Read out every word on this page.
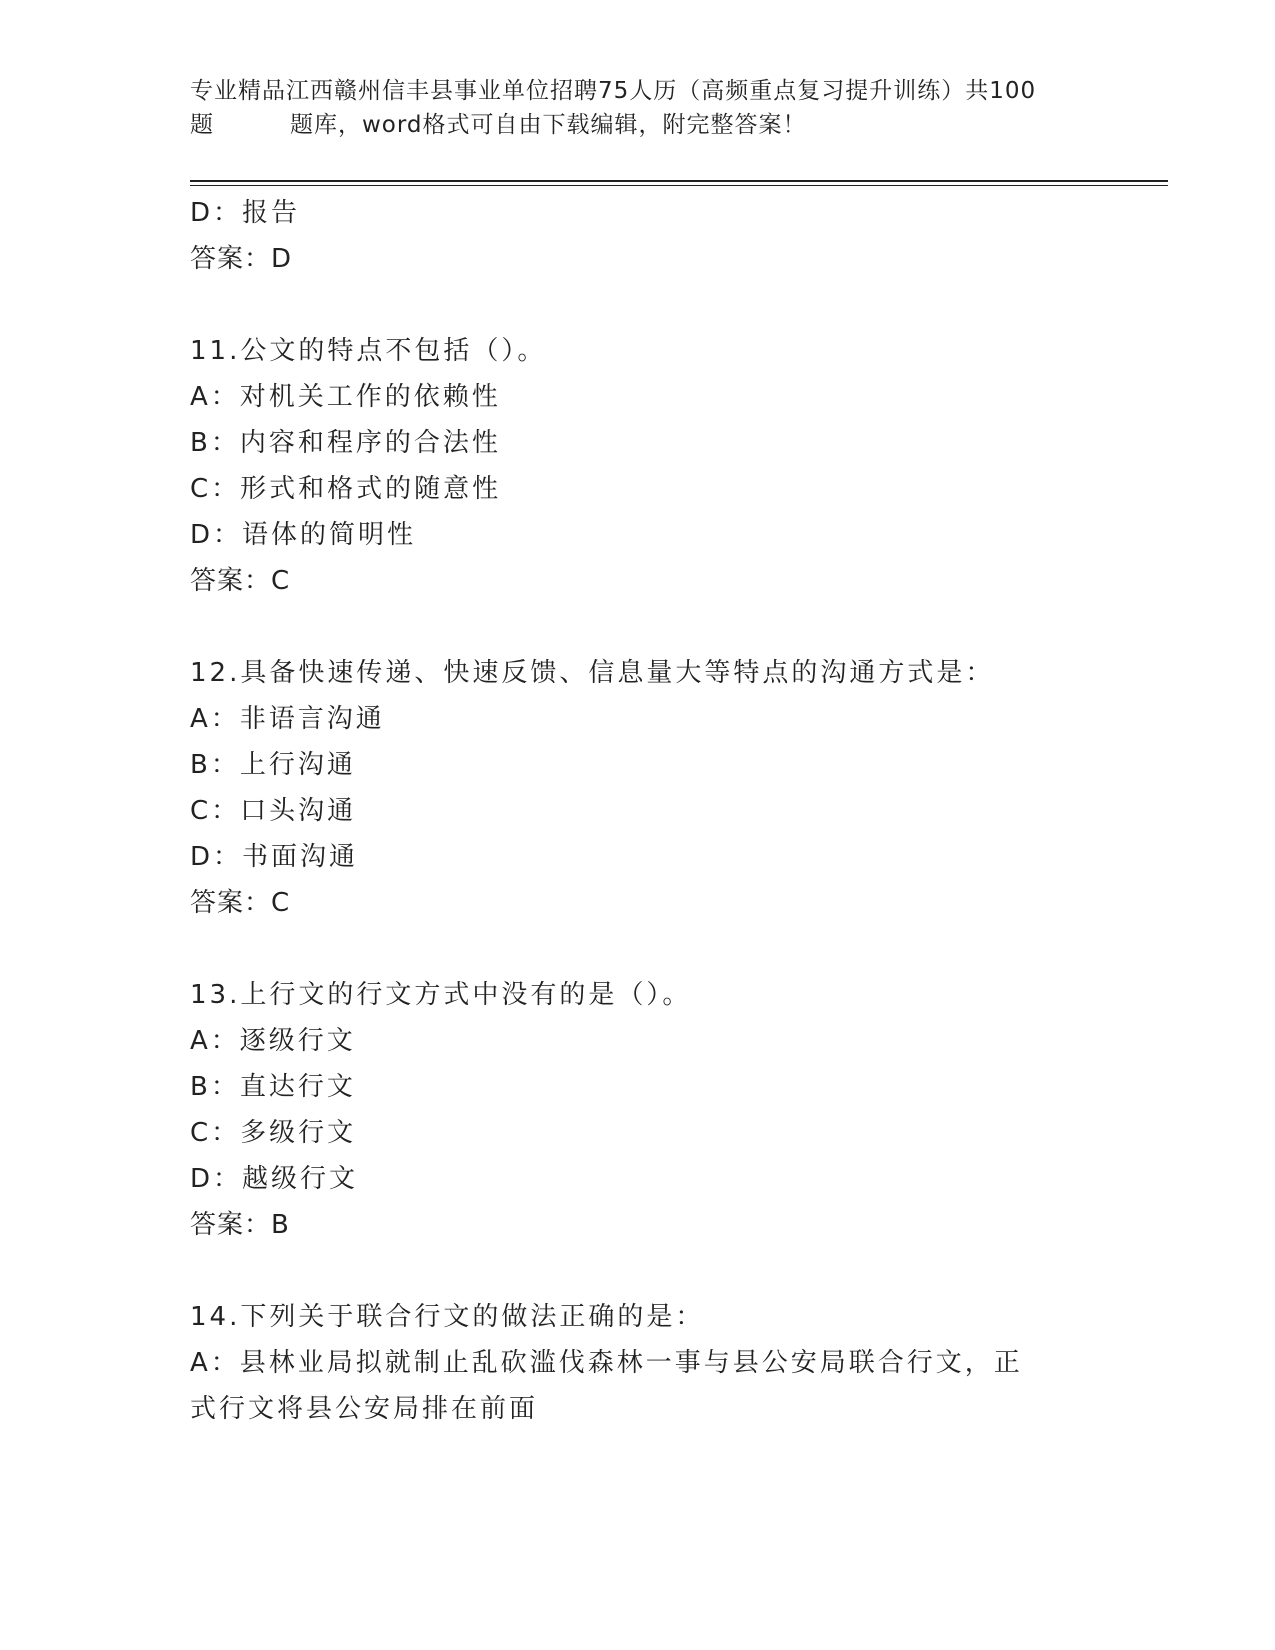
专业精品江西赣州信丰县事业单位招聘75人历（高频重点复习提升训练）共100
题	题库，word格式可自由下载编辑，附完整答案！
D：报告
答案：D
11.公文的特点不包括（）。
A：对机关工作的依赖性
B：内容和程序的合法性
C：形式和格式的随意性
D：语体的简明性
答案：C
12.具备快速传递、快速反馈、信息量大等特点的沟通方式是：
A：非语言沟通
B：上行沟通
C：口头沟通
D：书面沟通
答案：C
13.上行文的行文方式中没有的是（）。
A：逐级行文
B：直达行文
C：多级行文
D：越级行文
答案：B
14.下列关于联合行文的做法正确的是：
A：县林业局拟就制止乱砍滥伐森林一事与县公安局联合行文，正式行文将县公安局排在前面
